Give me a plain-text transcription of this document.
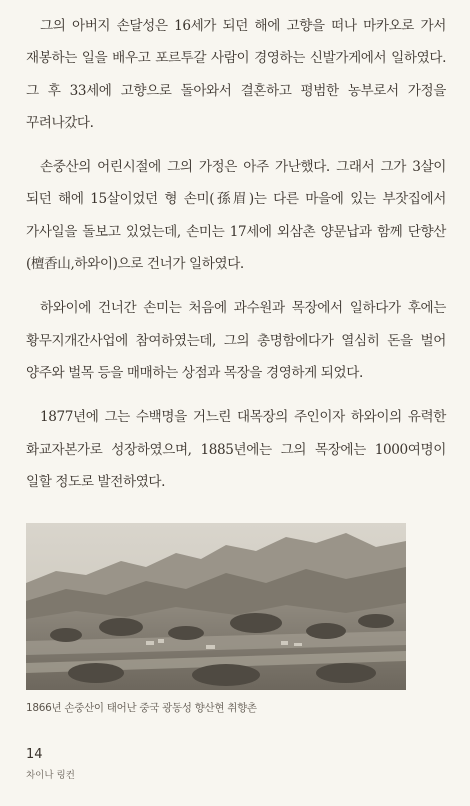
그의 아버지 손달성은 16세가 되던 해에 고향을 떠나 마카오로 가서 재봉하는 일을 배우고 포르투갈 사람이 경영하는 신발가게에서 일하였다. 그 후 33세에 고향으로 돌아와서 결혼하고 평범한 농부로서 가정을 꾸려나갔다.

손중산의 어린시절에 그의 가정은 아주 가난했다. 그래서 그가 3살이 되던 해에 15살이었던 형 손미(孫眉)는 다른 마을에 있는 부잣집에서 가사일을 돌보고 있었는데, 손미는 17세에 외삼촌 양문납과 함께 단향산(檀香山,하와이)으로 건너가 일하였다.

하와이에 건너간 손미는 처음에 과수원과 목장에서 일하다가 후에는 황무지개간사업에 참여하였는데, 그의 총명함에다가 열심히 돈을 벌어 양주와 벌목 등을 매매하는 상점과 목장을 경영하게 되었다.

1877년에 그는 수백명을 거느린 대목장의 주인이자 하와이의 유력한 화교자본가로 성장하였으며, 1885년에는 그의 목장에는 1000여명이 일할 정도로 발전하였다.

1866년 손중산이 태어난 중국 광동성 향산현 취향촌
14
차이나 링컨
